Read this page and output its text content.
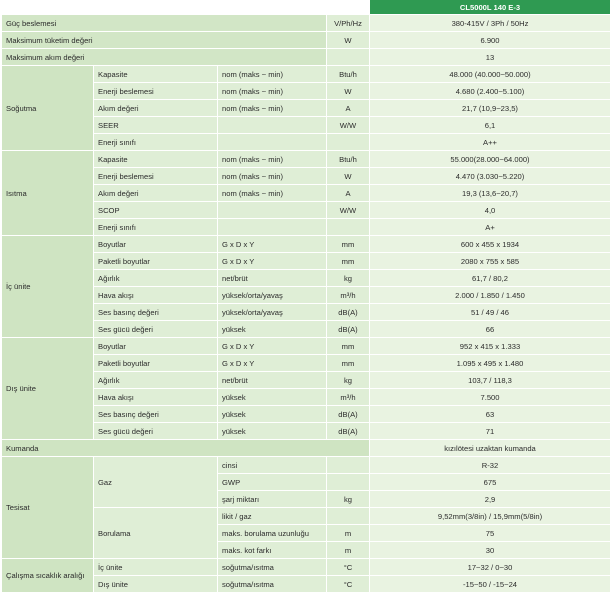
				CL5000L 140 E-3
Güç beslemesi			V/Ph/Hz	380-415V / 3Ph / 50Hz
Maksimum tüketim değeri			W	6.900
Maksimum akım değeri				13
Soğutma	Kapasite	nom (maks ~ min)	Btu/h	48.000 (40.000~50.000)
	Enerji beslemesi	nom (maks ~ min)	W	4.680 (2.400~5.100)
	Akım değeri	nom (maks ~ min)	A	21,7 (10,9~23,5)
	SEER		W/W	6,1
	Enerji sınıfı			A++
Isıtma	Kapasite	nom (maks ~ min)	Btu/h	55.000(28.000~64.000)
	Enerji beslemesi	nom (maks ~ min)	W	4.470 (3.030~5.220)
	Akım değeri	nom (maks ~ min)	A	19,3 (13,6~20,7)
	SCOP		W/W	4,0
	Enerji sınıfı			A+
İç ünite	Boyutlar	G x D x Y	mm	600 x 455 x 1934
	Paketli boyutlar	G x D x Y	mm	2080 x 755 x 585
	Ağırlık	net/brüt	kg	61,7 / 80,2
	Hava akışı	yüksek/orta/yavaş	m³/h	2.000 / 1.850 / 1.450
	Ses basınç değeri	yüksek/orta/yavaş	dB(A)	51 / 49 / 46
	Ses gücü değeri	yüksek	dB(A)	66
Dış ünite	Boyutlar	G x D x Y	mm	952 x 415 x 1.333
	Paketli boyutlar	G x D x Y	mm	1.095 x 495 x 1.480
	Ağırlık	net/brüt	kg	103,7 / 118,3
	Hava akışı	yüksek	m³/h	7.500
	Ses basınç değeri	yüksek	dB(A)	63
	Ses gücü değeri	yüksek	dB(A)	71
Kumanda				kızılötesi uzaktan kumanda
Tesisat	Gaz	cinsi		R-32
		GWP		675
		şarj miktarı	kg	2,9
	Borulama	likit / gaz		9,52mm(3/8in) / 15,9mm(5/8in)
		maks. borulama uzunluğu	m	75
		maks. kot farkı	m	30
Çalışma sıcaklık aralığı	İç ünite	soğutma/ısıtma	°C	17~32 / 0~30
	Dış ünite	soğutma/ısıtma	°C	-15~50 / -15~24
